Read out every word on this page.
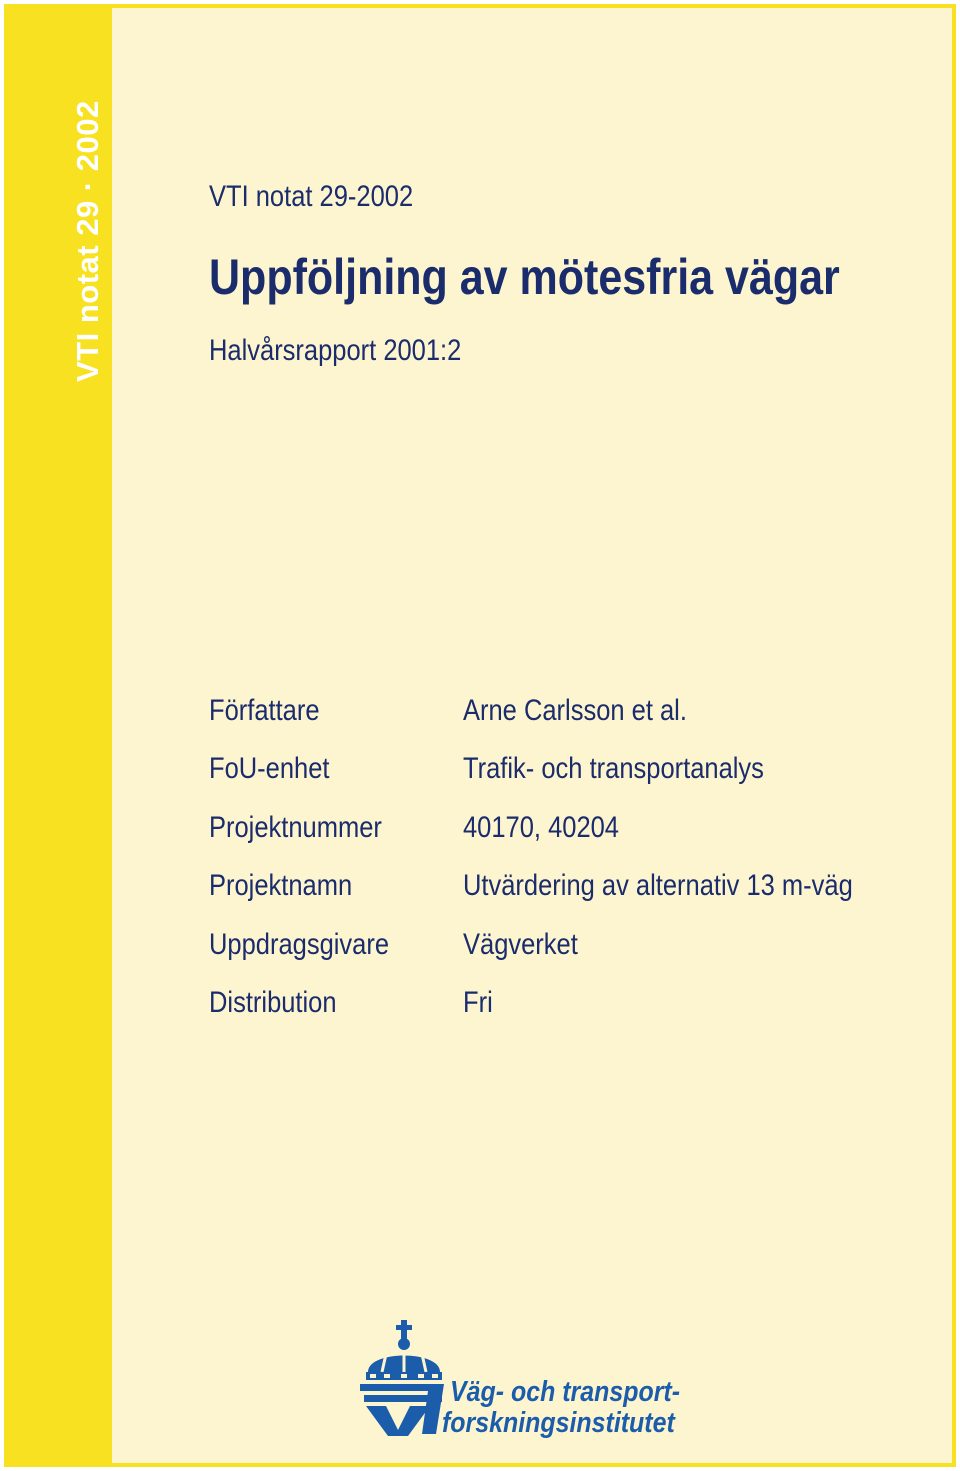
VTI notat 29 · 2002	VTI notat 29-2002
Uppföljning av mötesfria vägar
Halvårsrapport 2001:2
Författare	Arne Carlsson et al.
FoU-enhet	Trafik- och transportanalys
Projektnummer	40170, 40204
Projektnamn	Utvärdering av alternativ 13 m-väg
Uppdragsgivare Vägverket
Distribution	Fri
Väg- och transport-
forskningsinstitutet
